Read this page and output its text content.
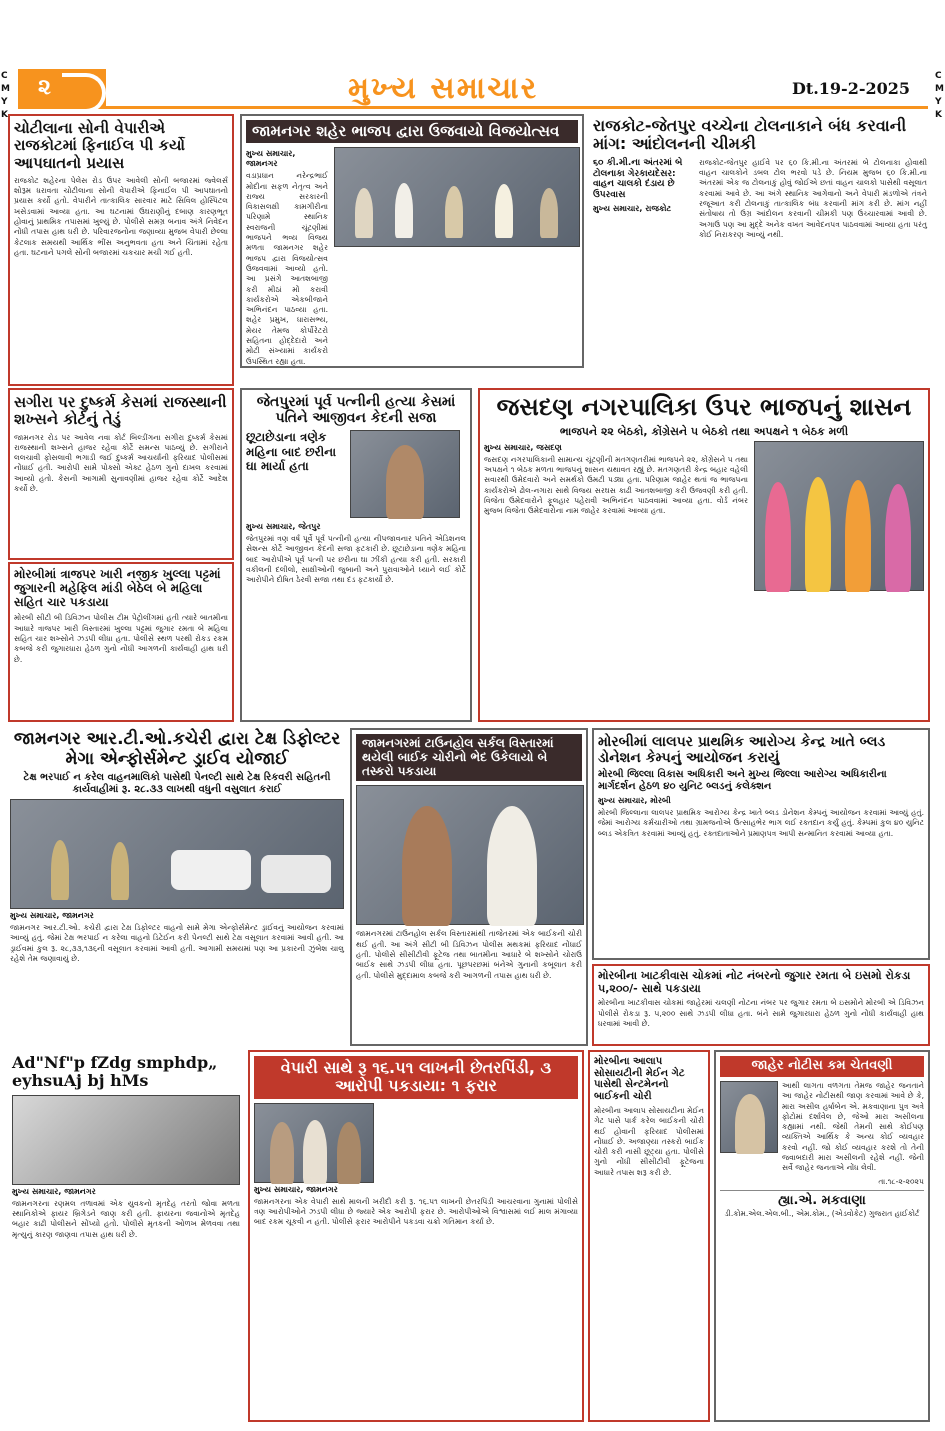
C
M
Y
K
C
M
Y
K
૨	મુખ્ય સમાચાર	Dt.19-2-2025
ચોટીલાના સોની વેપારીએ રાજકોટમાં ફિનાઈલ પી કર્યો આપઘાતનો પ્રયાસ
રાજકોટ શહેરના પેલેસ રોડ ઉપર આવેલી સોની બજારમાં જ્વેલર્સ શોરૂમ ધરાવતા ચોટીલાના સોની વેપારીએ ફિનાઈલ પી આપઘાતનો પ્રયાસ કર્યો હતો. વેપારીને તાત્કાલિક સારવાર માટે સિવિલ હોસ્પિટલ ખસેડવામાં આવ્યા હતા. આ ઘટનામાં ઉઘરાણીનું દબાણ કારણભૂત હોવાનું પ્રાથમિક તપાસમાં ખુલ્યું છે. પોલીસે સમગ્ર બનાવ અંગે નિવેદન નોંધી તપાસ હાથ ધરી છે. પરિવારજનોના જણાવ્યા મુજબ વેપારી છેલ્લા કેટલાક સમયથી આર્થિક ભીંસ અનુભવતા હતા અને ચિંતામાં રહેતા હતા. ઘટનાને પગલે સોની બજારમાં ચકચાર મચી ગઈ હતી.
જામનગર શહેર ભાજપ દ્વારા ઉજવાયો વિજયોત્સવ
મુખ્ય સમાચાર, જામનગર
વડાપ્રધાન નરેન્દ્રભાઈ મોદીના સફળ નેતૃત્વ અને રાજ્ય સરકારની વિકાસલક્ષી કામગીરીના પરિણામે સ્થાનિક સ્વરાજની ચૂંટણીમાં ભાજપને ભવ્ય વિજય મળતા જામનગર શહેર ભાજપ દ્વારા વિજયોત્સવ ઉજવવામાં આવ્યો હતો. આ પ્રસંગે આતશબાજી કરી મીઠાં મોં કરાવી કાર્યકરોએ એકબીજાને અભિનંદન પાઠવ્યા હતા. શહેર પ્રમુખ, ધારાસભ્ય, મેયર તેમજ કોર્પોરેટરો સહિતના હોદ્દેદારો અને મોટી સંખ્યામાં કાર્યકરો ઉપસ્થિત રહ્યા હતા.
રાજકોટ-જેતપુર વચ્ચેના ટોલનાકાને બંધ કરવાની માંગ: આંદોલનની ચીમકી
૬૦ કી.મી.ના અંતરમાં બે ટોલનાકા ગેરકાયદેસર: વાહન ચાલકો દંડાય છે ઉપરવાસ
મુખ્ય સમાચાર, રાજકોટ
રાજકોટ-જેતપુર હાઈવે પર ૬૦ કિ.મી.ના અંતરમાં બે ટોલનાકા હોવાથી વાહન ચાલકોને ડબલ ટોલ ભરવો પડે છે. નિયમ મુજબ ૬૦ કિ.મી.ના અંતરમાં એક જ ટોલનાકું હોવું જોઈએ છતાં વાહન ચાલકો પાસેથી વસૂલાત કરવામાં આવે છે. આ અંગે સ્થાનિક આગેવાનો અને વેપારી મંડળોએ તંત્રને રજૂઆત કરી ટોલનાકું તાત્કાલિક બંધ કરવાની માંગ કરી છે. માંગ નહીં સંતોષાય તો ઉગ્ર આંદોલન કરવાની ચીમકી પણ ઉચ્ચારવામાં આવી છે. અગાઉ પણ આ મુદ્દે અનેક વખત આવેદનપત્ર પાઠવવામાં આવ્યા હતા પરંતુ કોઈ નિરાકરણ આવ્યું નથી.
સગીરા પર દુષ્કર્મ કેસમાં રાજસ્થાની શખ્સને કોર્ટનું તેડું
જામનગર રોડ પર આવેલ નવા કોર્ટ બિલ્ડીંગના સગીરા દુષ્કર્મ કેસમાં રાજસ્થાની શખ્સને હાજર રહેવા કોર્ટે સમન્સ પાઠવ્યું છે. સગીરાને લલચાવી ફોસલાવી ભગાડી જઈ દુષ્કર્મ આચર્યાની ફરિયાદ પોલીસમાં નોંધાઈ હતી. આરોપી સામે પોક્સો એક્ટ હેઠળ ગુનો દાખલ કરવામાં આવ્યો હતો. કેસની આગામી સુનાવણીમાં હાજર રહેવા કોર્ટે આદેશ કર્યો છે.
મોરબીમાં ત્રાજપર ખારી નજીક ખુલ્લા પટ્ટમાં જુગારની મહેફિલ માંડી બેઠેલ બે મહિલા સહિત ચાર પકડાયા
મોરબી સીટી બી ડિવિઝન પોલીસ ટીમ પેટ્રોલીંગમાં હતી ત્યારે બાતમીના આધારે ત્રાજપર ખારી વિસ્તારમાં ખુલ્લા પટ્ટમાં જુગાર રમતા બે મહિલા સહિત ચાર શખ્સોને ઝડપી લીધા હતા. પોલીસે સ્થળ પરથી રોકડ રકમ કબજે કરી જુગારધારા હેઠળ ગુનો નોંધી આગળની કાર્યવાહી હાથ ધરી છે.
જેતપુરમાં પૂર્વ પત્નીની હત્યા કેસમાં પતિને આજીવન કેદની સજા
છૂટાછેડાના ત્રણેક મહિના બાદ છરીના ઘા માર્યા હતા
મુખ્ય સમાચાર, જેતપુર
જેતપુરમાં ત્રણ વર્ષ પૂર્વે પૂર્વ પત્નીની હત્યા નીપજાવનાર પતિને એડિશનલ સેશન્સ કોર્ટે આજીવન કેદની સજા ફટકારી છે. છૂટાછેડાના ત્રણેક મહિના બાદ આરોપીએ પૂર્વ પત્ની પર છરીના ઘા ઝીંકી હત્યા કરી હતી. સરકારી વકીલની દલીલો, સાક્ષીઓની જુબાની અને પુરાવાઓને ધ્યાને લઈ કોર્ટે આરોપીને દોષિત ઠેરવી સજા તથા દંડ ફટકાર્યો છે.
જસદણ નગરપાલિકા ઉપર ભાજપનું શાસન
ભાજપને ૨૨ બેઠકો, કોંગ્રેસને ૫ બેઠકો તથા અપક્ષને ૧ બેઠક મળી
મુખ્ય સમાચાર, જસદણ
જસદણ નગરપાલિકાની સામાન્ય ચૂંટણીની મતગણતરીમાં ભાજપને ૨૨, કોંગ્રેસને ૫ તથા અપક્ષને ૧ બેઠક મળતા ભાજપનું શાસન યથાવત રહ્યું છે. મતગણતરી કેન્દ્ર બહાર વહેલી સવારથી ઉમેદવારો અને સમર્થકો ઉમટી પડ્યા હતા. પરિણામ જાહેર થતાં જ ભાજપના કાર્યકરોએ ઢોલ-નગારા સાથે વિજય સરઘસ કાઢી આતશબાજી કરી ઉજવણી કરી હતી. વિજેતા ઉમેદવારોને ફૂલહાર પહેરાવી અભિનંદન પાઠવવામાં આવ્યા હતા. વોર્ડ નંબર મુજબ વિજેતા ઉમેદવારોના નામ જાહેર કરવામાં આવ્યા હતા.
જામનગર આર.ટી.ઓ.કચેરી દ્વારા ટેક્ષ ડિફોલ્ટર મેગા એન્ફોર્સમેન્ટ ડ્રાઈવ યોજાઈ
ટેક્ષ ભરપાઈ ન કરેલ વાહનમાલિકો પાસેથી પેનલ્ટી સાથે ટેક્ષ રિકવરી સહિતની કાર્યવાહીમાં રૂ. ૨૮.૩૩ લાખથી વધુની વસુલાત કરાઈ
મુખ્ય સમાચાર, જામનગર
જામનગર આર.ટી.ઓ. કચેરી દ્વારા ટેક્ષ ડિફોલ્ટર વાહનો સામે મેગા એન્ફોર્સમેન્ટ ડ્રાઈવનું આયોજન કરવામાં આવ્યું હતું. જેમાં ટેક્ષ ભરપાઈ ન કરેલા વાહનો ડિટેઈન કરી પેનલ્ટી સાથે ટેક્ષ વસૂલાત કરવામાં આવી હતી. આ ડ્રાઈવમાં કુલ રૂ. ૨૮,૩૩,૧૩૬ની વસૂલાત કરવામાં આવી હતી. આગામી સમયમાં પણ આ પ્રકારની ઝુંબેશ ચાલુ રહેશે તેમ જણાવાયું છે.
જામનગરમાં ટાઉનહોલ સર્કલ વિસ્તારમાં થયેલી બાઈક ચોરીનો ભેદ ઉકેલાયો બે તસ્કરો પકડાયા
જામનગરમાં ટાઉનહોલ સર્કલ વિસ્તારમાંથી તાજેતરમાં એક બાઈકની ચોરી થઈ હતી. આ અંગે સીટી બી ડિવિઝન પોલીસ મથકમાં ફરિયાદ નોંધાઈ હતી. પોલીસે સીસીટીવી ફૂટેજ તથા બાતમીના આધારે બે શખ્સોને ચોરાઉ બાઈક સાથે ઝડપી લીધા હતા. પૂછપરછમાં બંનેએ ગુનાની કબૂલાત કરી હતી. પોલીસે મુદ્દામાલ કબજે કરી આગળની તપાસ હાથ ધરી છે.
મોરબીમાં લાલપર પ્રાથમિક આરોગ્ય કેન્દ્ર ખાતે બ્લડ ડોનેશન કેમ્પનું આયોજન કરાયું
મોરબી જિલ્લા વિકાસ અધિકારી અને મુખ્ય જિલ્લા આરોગ્ય અધિકારીના માર્ગદર્શન હેઠળ ૪૦ યુનિટ બ્લડનું કલેક્શન
મુખ્ય સમાચાર, મોરબી
મોરબી જિલ્લાના લાલપર પ્રાથમિક આરોગ્ય કેન્દ્ર ખાતે બ્લડ ડોનેશન કેમ્પનું આયોજન કરવામાં આવ્યું હતું. જેમાં આરોગ્ય કર્મચારીઓ તથા ગ્રામજનોએ ઉત્સાહભેર ભાગ લઈ રક્તદાન કર્યું હતું. કેમ્પમાં કુલ ૪૦ યુનિટ બ્લડ એકત્રિત કરવામાં આવ્યું હતું. રક્તદાતાઓને પ્રમાણપત્ર આપી સન્માનિત કરવામાં આવ્યા હતા.
મોરબીના ખાટકીવાસ ચોકમાં નોટ નંબરનો જુગાર રમતા બે ઇસમો રોકડા ૫,૨૦૦/- સાથે પકડાયા
મોરબીના ખાટકીવાસ ચોકમાં જાહેરમાં ચલણી નોટના નંબર પર જુગાર રમતા બે ઇસમોને મોરબી એ ડિવિઝન પોલીસે રોકડા રૂ. ૫,૨૦૦ સાથે ઝડપી લીધા હતા. બંને સામે જુગારધારા હેઠળ ગુનો નોંધી કાર્યવાહી હાથ ધરવામાં આવી છે.
Ad"Nf"p fZdg smphdp„ eyhsuAj bj hMs
મુખ્ય સમાચાર, જામનગર
જામનગરના રણમલ તળાવમાં એક યુવકનો મૃતદેહ તરતો જોવા મળતા સ્થાનિકોએ ફાયર બ્રિગેડને જાણ કરી હતી. ફાયરના જવાનોએ મૃતદેહ બહાર કાઢી પોલીસને સોંપ્યો હતો. પોલીસે મૃતકની ઓળખ મેળવવા તથા મૃત્યુનું કારણ જાણવા તપાસ હાથ ધરી છે.
વેપારી સાથે રૂ ૧૬.૫૧ લાખની છેતરપિંડી, ૩ આરોપી પકડાયા: ૧ ફરાર
મુખ્ય સમાચાર, જામનગર
જામનગરના એક વેપારી સાથે માલની ખરીદી કરી રૂ. ૧૬.૫૧ લાખની છેતરપિંડી આચરવાના ગુનામાં પોલીસે ત્રણ આરોપીઓને ઝડપી લીધા છે જ્યારે એક આરોપી ફરાર છે. આરોપીઓએ વિશ્વાસમાં લઈ માલ મંગાવ્યા બાદ રકમ ચૂકવી ન હતી. પોલીસે ફરાર આરોપીને પકડવા ચક્રો ગતિમાન કર્યા છે.
મોરબીના આલાપ સોસાયટીની મેઈન ગેટ પાસેથી સેન્ટમેનનો બાઈકની ચોરી
મોરબીના આલાપ સોસાયટીના મેઈન ગેટ પાસે પાર્ક કરેલ બાઈકની ચોરી થઈ હોવાની ફરિયાદ પોલીસમાં નોંધાઈ છે. અજાણ્યા તસ્કરો બાઈક ચોરી કરી નાસી છૂટ્યા હતા. પોલીસે ગુનો નોંધી સીસીટીવી ફૂટેજના આધારે તપાસ શરૂ કરી છે.
જાહેર નોટીસ કમ ચેતવણી
આથી લાગતા વળગતા તેમજ જાહેર જનતાને આ જાહેર નોટીસથી જાણ કરવામાં આવે છે કે, મારા અસીલ હર્ષાબેન એ. મકવાણાના પુત્ર અત્રે ફોટોમાં દર્શાવેલ છે, જેઓ મારા અસીલના કહ્યામાં નથી. જેથી તેમની સાથે કોઈપણ વ્યક્તિએ આર્થિક કે અન્ય કોઈ વ્યવહાર કરવો નહીં. જો કોઈ વ્યવહાર કરશે તો તેની જવાબદારી મારા અસીલની રહેશે નહીં. જેની સર્વે જાહેર જનતાએ નોંધ લેવી.
તા.૧૮-૨-૨૦૨૫
હ્યા.એ. મકવાણા
ડી.કોમ.એલ.એલ.બી., એમ.કોમ., (એડવોકેટ) ગુજરાત હાઈકોર્ટ
